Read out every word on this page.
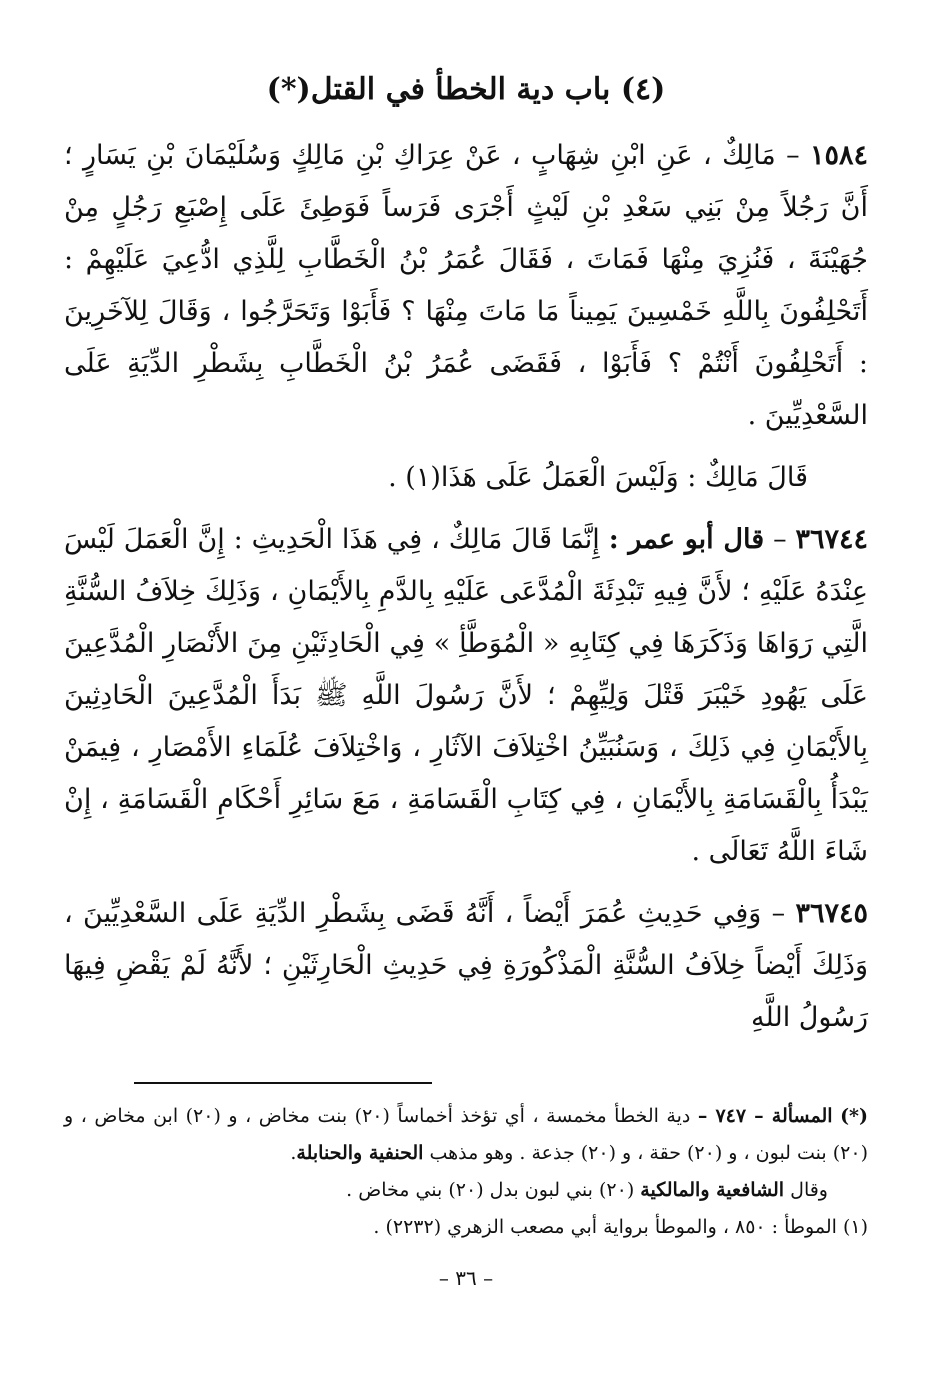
(٤) باب دية الخطأ في القتل(*)

١٥٨٤ – مَالِكٌ ، عَنِ ابْنِ شِهَابٍ ، عَنْ عِرَاكِ بْنِ مَالِكٍ وَسُلَيْمَانَ بْنِ يَسَارٍ ؛ أَنَّ رَجُلاً مِنْ بَنِي سَعْدِ بْنِ لَيْثٍ أَجْرَى فَرَساً فَوَطِئَ عَلَى إِصْبَعِ رَجُلٍ مِنْ جُهَيْنَةَ ، فَنُزِيَ مِنْهَا فَمَاتَ ، فَقَالَ عُمَرُ بْنُ الْخَطَّابِ لِلَّذِي ادُّعِيَ عَلَيْهِمْ : أَتَحْلِفُونَ بِاللَّهِ خَمْسِينَ يَمِيناً مَا مَاتَ مِنْهَا ؟ فَأَبَوْا وَتَحَرَّجُوا ، وَقَالَ لِلآخَرِينَ : أَتَحْلِفُونَ أَنْتُمْ ؟ فَأَبَوْا ، فَقَضَى عُمَرُ بْنُ الْخَطَّابِ بِشَطْرِ الدِّيَةِ عَلَى السَّعْدِيِّينَ .

قَالَ مَالِكٌ : وَلَيْسَ الْعَمَلُ عَلَى هَذَا(١) .

٣٦٧٤٤ – قال أبو عمر : إِنَّمَا قَالَ مَالِكٌ ، فِي هَذَا الْحَدِيثِ : إِنَّ الْعَمَلَ لَيْسَ عِنْدَهُ عَلَيْهِ ؛ لأَنَّ فِيهِ تَبْدِئَةَ الْمُدَّعَى عَلَيْهِ بِالدَّمِ بِالأَيْمَانِ ، وَذَلِكَ خِلاَفُ السُّنَّةِ الَّتِي رَوَاهَا وَذَكَرَهَا فِي كِتَابِهِ « الْمُوَطَّأِ » فِي الْحَادِثَيْنِ مِنَ الأَنْصَارِ الْمُدَّعِينَ عَلَى يَهُودِ خَيْبَرَ قَتْلَ وَلِيِّهِمْ ؛ لأَنَّ رَسُولَ اللَّهِ ﷺ بَدَأَ الْمُدَّعِينَ الْحَادِثِينَ بِالأَيْمَانِ فِي ذَلِكَ ، وَسَنُبَيِّنُ اخْتِلاَفَ الآثَارِ ، وَاخْتِلاَفَ عُلَمَاءِ الأَمْصَارِ ، فِيمَنْ يَبْدَأُ بِالْقَسَامَةِ بِالأَيْمَانِ ، فِي كِتَابِ الْقَسَامَةِ ، مَعَ سَائِرِ أَحْكَامِ الْقَسَامَةِ ، إِنْ شَاءَ اللَّهُ تَعَالَى .

٣٦٧٤٥ – وَفِي حَدِيثِ عُمَرَ أَيْضاً ، أَنَّهُ قَضَى بِشَطْرِ الدِّيَةِ عَلَى السَّعْدِيِّينَ ، وَذَلِكَ أَيْضاً خِلاَفُ السُّنَّةِ الْمَذْكُورَةِ فِي حَدِيثِ الْحَارِثَيْنِ ؛ لأَنَّهُ لَمْ يَقْضِ فِيهَا رَسُولُ اللَّهِ

(*) المسألة – ٧٤٧ – دية الخطأ مخمسة ، أي تؤخذ أخماساً (٢٠) بنت مخاض ، و (٢٠) ابن مخاض ، و (٢٠) بنت لبون ، و (٢٠) حقة ، و (٢٠) جذعة . وهو مذهب الحنفية والحنابلة.

وقال الشافعية والمالكية (٢٠) بني لبون بدل (٢٠) بني مخاض .

(١) الموطأ : ٨٥٠ ، والموطأ برواية أبي مصعب الزهري (٢٢٣٢) .

– ٣٦ –
